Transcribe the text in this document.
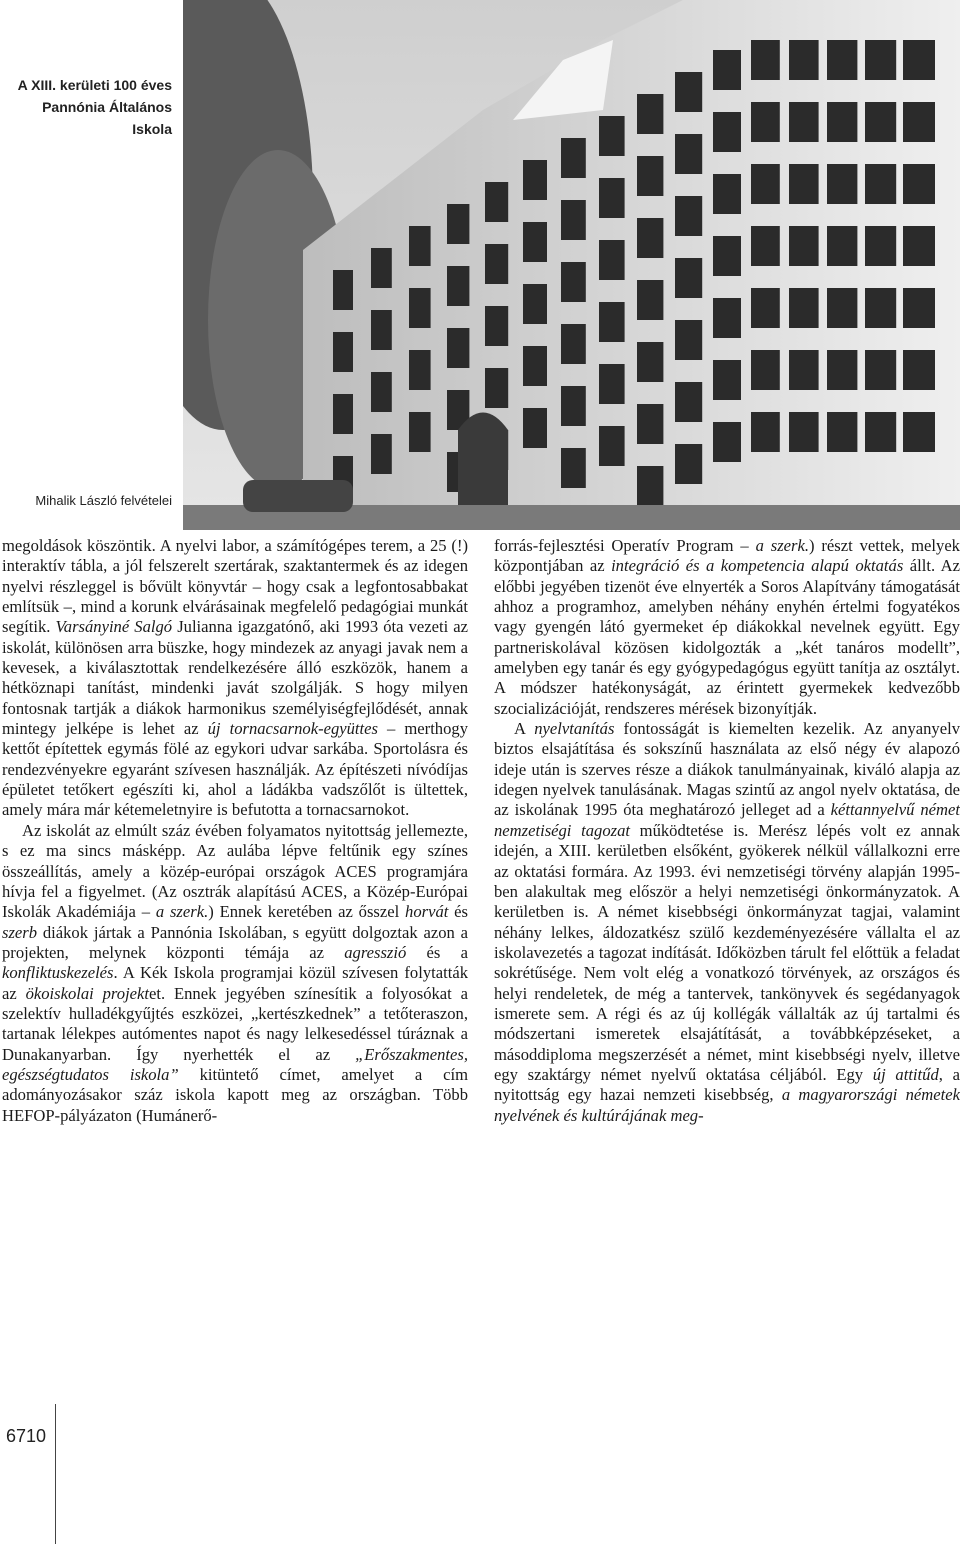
A XIII. kerületi 100 éves
Pannónia Általános Iskola
Mihalik László felvételei

megoldások köszöntik. A nyelvi labor, a számítógépes terem, a 25 (!) interaktív tábla, a jól felszerelt szertárak, szaktantermek és az idegen nyelvi részleggel is bővült könyvtár – hogy csak a legfontosabbakat említsük –, mind a korunk elvárásainak megfelelő pedagógiai munkát segítik. Varsányiné Salgó Julianna igazgatónő, aki 1993 óta vezeti az iskolát, különösen arra büszke, hogy mindezek az anyagi javak nem a kevesek, a kiválasztottak rendelkezésére álló eszközök, hanem a hétköznapi tanítást, mindenki javát szolgálják. S hogy milyen fontosnak tartják a diákok harmonikus személyiségfejlődését, annak mintegy jelképe is lehet az új tornacsarnok-együttes – merthogy kettőt építettek egymás fölé az egykori udvar sarkába. Sportolásra és rendezvényekre egyaránt szívesen használják. Az építészeti nívódíjas épületet tetőkert egészíti ki, ahol a ládákba vadszőlőt is ültettek, amely mára már kétemeletnyire is befutotta a tornacsarnokot.

Az iskolát az elmúlt száz évében folyamatos nyitottság jellemezte, s ez ma sincs másképp. Az aulába lépve feltűnik egy színes összeállítás, amely a közép-európai országok ACES programjára hívja fel a figyelmet. (Az osztrák alapítású ACES, a Közép-Európai Iskolák Akadémiája – a szerk.) Ennek keretében az ősszel horvát és szerb diákok jártak a Pannónia Iskolában, s együtt dolgoztak azon a projekten, melynek központi témája az agresszió és a konfliktuskezelés. A Kék Iskola programjai közül szívesen folytatták az ökoiskolai projektet. Ennek jegyében színesítik a folyosókat a szelektív hulladékgyűjtés eszközei, „kertészkednek” a tetőteraszon, tartanak lélekpes autómentes napot és nagy lelkesedéssel túráznak a Dunakanyarban. Így nyerhették el az „Erőszakmentes, egészségtudatos iskola” kitüntető címet, amelyet a cím adományozásakor száz iskola kapott meg az országban. Több HEFOP-pályázaton (Humánerő-

forrás-fejlesztési Operatív Program – a szerk.) részt vettek, melyek központjában az integráció és a kompetencia alapú oktatás állt. Az előbbi jegyében tizenöt éve elnyerték a Soros Alapítvány támogatását ahhoz a programhoz, amelyben néhány enyhén értelmi fogyatékos vagy gyengén látó gyermeket ép diákokkal nevelnek együtt. Egy partneriskolával közösen kidolgozták a „két tanáros modellt”, amelyben egy tanár és egy gyógypedagógus együtt tanítja az osztályt. A módszer hatékonyságát, az érintett gyermekek kedvezőbb szocializációját, rendszeres mérések bizonyítják.

A nyelvtanítás fontosságát is kiemelten kezelik. Az anyanyelv biztos elsajátítása és sokszínű használata az első négy év alapozó ideje után is szerves része a diákok tanulmányainak, kiváló alapja az idegen nyelvek tanulásának. Magas szintű az angol nyelv oktatása, de az iskolának 1995 óta meghatározó jelleget ad a kéttannyelvű német nemzetiségi tagozat működtetése is. Merész lépés volt ez annak idején, a XIII. kerületben elsőként, gyökerek nélkül vállalkozni erre az oktatási formára. Az 1993. évi nemzetiségi törvény alapján 1995-ben alakultak meg először a helyi nemzetiségi önkormányzatok. A kerületben is. A német kisebbségi önkormányzat tagjai, valamint néhány lelkes, áldozatkész szülő kezdeményezésére vállalta el az iskolavezetés a tagozat indítását. Időközben tárult fel előttük a feladat sokrétűsége. Nem volt elég a vonatkozó törvények, az országos és helyi rendeletek, de még a tantervek, tankönyvek és segédanyagok ismerete sem. A régi és az új kollégák vállalták az új tartalmi és módszertani ismeretek elsajátítását, a továbbképzéseket, a másoddiploma megszerzését a német, mint kisebbségi nyelv, illetve egy szaktárgy német nyelvű oktatása céljából. Egy új attitűd, a nyitottság egy hazai nemzeti kisebbség, a magyarországi németek nyelvének és kultúrájának meg-

6710
